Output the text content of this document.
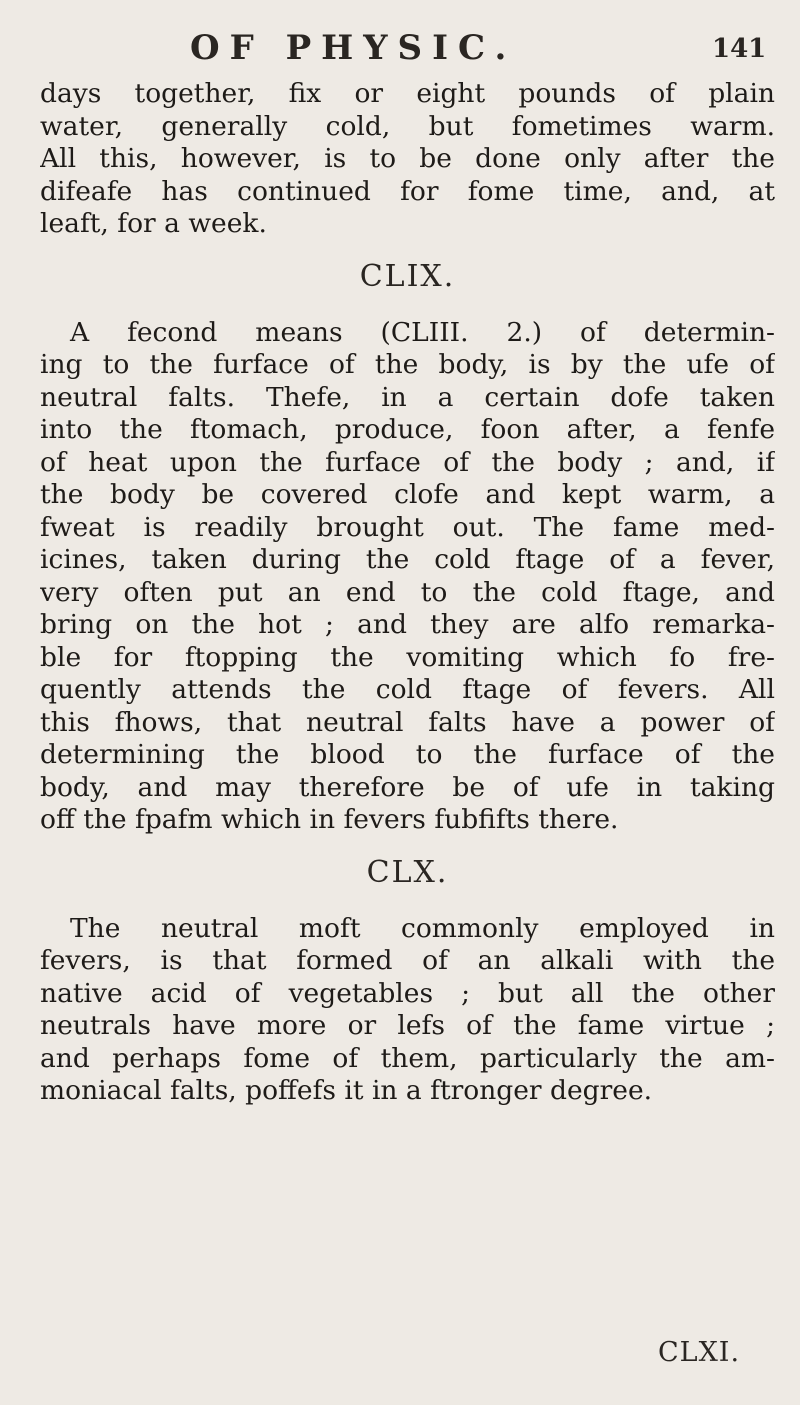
OF PHYSIC.	141
days together, fix or eight pounds of plain
water, generally cold, but fometimes warm.
All this, however, is to be done only after the
difeafe has continued for fome time, and, at
leaft, for a week.
CLIX.
A fecond means (CLIII. 2.) of determin-
ing to the furface of the body, is by the ufe of
neutral falts. Thefe, in a certain dofe taken
into the ftomach, produce, foon after, a fenfe
of heat upon the furface of the body ; and, if
the body be covered clofe and kept warm, a
fweat is readily brought out. The fame med-
icines, taken during the cold ftage of a fever,
very often put an end to the cold ftage, and
bring on the hot ; and they are alfo remarka-
ble for ftopping the vomiting which fo fre-
quently attends the cold ftage of fevers. All
this fhows, that neutral falts have a power of
determining the blood to the furface of the
body, and may therefore be of ufe in taking
off the fpafm which in fevers fubfifts there.
CLX.
The neutral moft commonly employed in
fevers, is that formed of an alkali with the
native acid of vegetables ; but all the other
neutrals have more or lefs of the fame virtue ;
and perhaps fome of them, particularly the am-
moniacal falts, poffefs it in a ftronger degree.
CLXI.
